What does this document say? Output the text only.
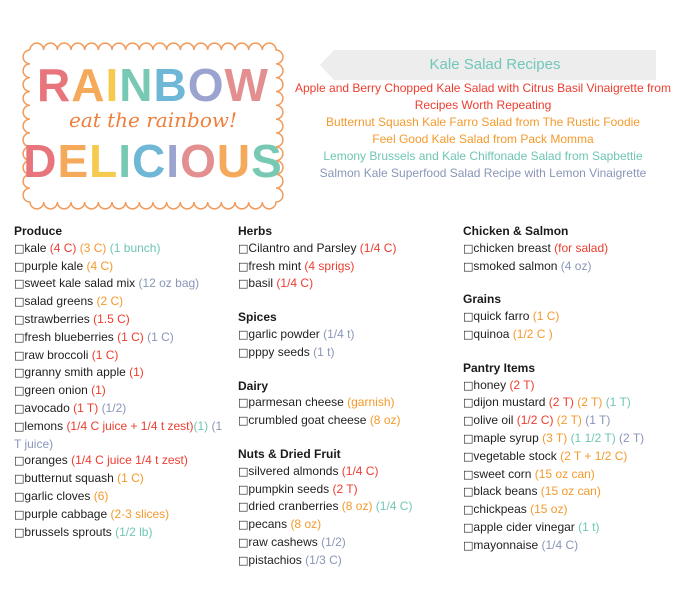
RAINBOW
eat the rainbow!
DELICIOUS
Kale Salad Recipes
Apple and Berry Chopped Kale Salad with Citrus Basil Vinaigrette from Recipes Worth Repeating
Butternut Squash Kale Farro Salad from The Rustic Foodie
Feel Good Kale Salad from Pack Momma
Lemony Brussels and Kale Chiffonade Salad from Sapbettie
Salmon Kale Superfood Salad Recipe with Lemon Vinaigrette
Produce
□kale (4 C) (3 C) (1 bunch)
□purple kale (4 C)
□sweet kale salad mix (12 oz bag)
□salad greens (2 C)
□strawberries (1.5 C)
□fresh blueberries (1 C) (1 C)
□raw broccoli (1 C)
□granny smith apple (1)
□green onion (1)
□avocado (1 T) (1/2)
□lemons (1/4 C juice + 1/4 t zest)(1) (1 T juice)
□oranges (1/4 C juice 1/4 t zest)
□butternut squash (1 C)
□garlic cloves (6)
□purple cabbage (2-3 slices)
□brussels sprouts (1/2 lb)
Herbs
□Cilantro and Parsley (1/4 C)
□fresh mint (4 sprigs)
□basil (1/4 C)
Spices
□garlic powder (1/4 t)
□pppy seeds (1 t)
Dairy
□parmesan cheese (garnish)
□crumbled goat cheese (8 oz)
Nuts & Dried Fruit
□silvered almonds (1/4 C)
□pumpkin seeds (2 T)
□dried cranberries (8 oz) (1/4 C)
□pecans (8 oz)
□raw cashews (1/2)
□pistachios (1/3 C)
Chicken & Salmon
□chicken breast (for salad)
□smoked salmon (4 oz)
Grains
□quick farro (1 C)
□quinoa (1/2 C )
Pantry Items
□honey (2 T)
□dijon mustard (2 T) (2 T) (1 T)
□olive oil (1/2 C) (2 T) (1 T)
□maple syrup (3 T) (1 1/2 T) (2 T)
□vegetable stock (2 T + 1/2 C)
□sweet corn (15 oz can)
□black beans (15 oz can)
□chickpeas (15 oz)
□apple cider vinegar (1 t)
□mayonnaise (1/4 C)
